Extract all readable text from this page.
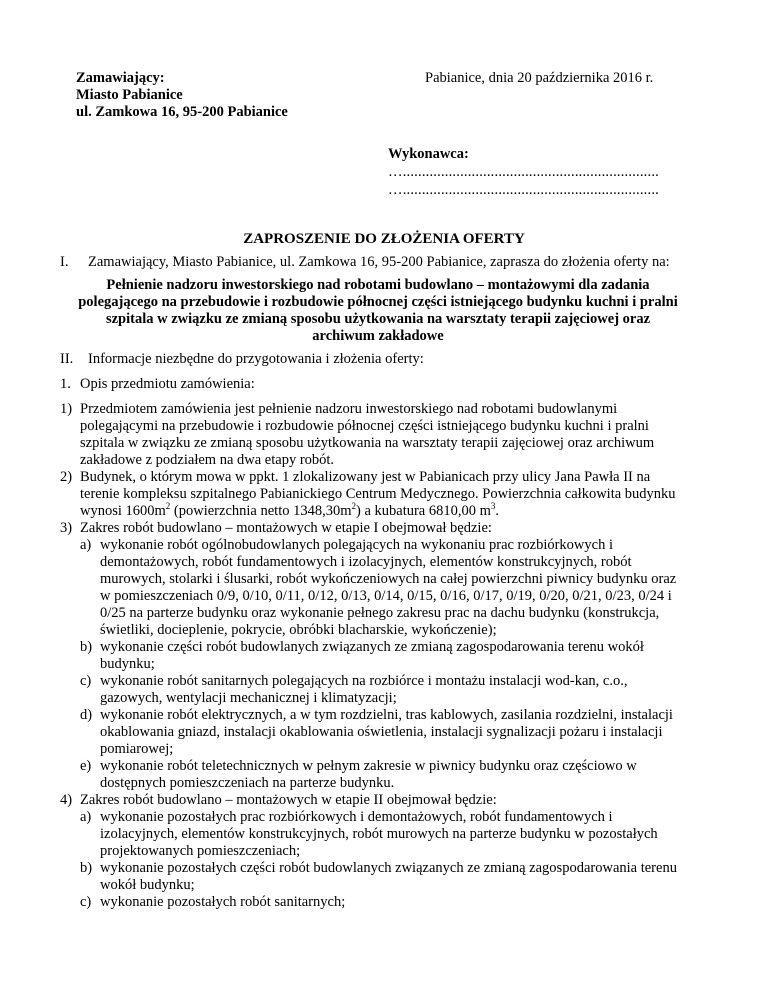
Zamawiający:
Miasto Pabianice
ul. Zamkowa 16, 95-200 Pabianice
Pabianice, dnia 20 października 2016 r.
Wykonawca:
…...................................................................
…...................................................................
ZAPROSZENIE DO ZŁOŻENIA OFERTY
I.	Zamawiający, Miasto Pabianice, ul. Zamkowa 16, 95-200 Pabianice, zaprasza do złożenia oferty na:
Pełnienie nadzoru inwestorskiego nad robotami budowlano – montażowymi dla zadania polegającego na przebudowie i rozbudowie północnej części istniejącego budynku kuchni i pralni szpitala w związku ze zmianą sposobu użytkowania na warsztaty terapii zajęciowej oraz archiwum zakładowe
II.	Informacje niezbędne do przygotowania i złożenia oferty:
1. Opis przedmiotu zamówienia:
1) Przedmiotem zamówienia jest pełnienie nadzoru inwestorskiego nad robotami budowlanymi polegającymi na przebudowie i rozbudowie północnej części istniejącego budynku kuchni i pralni szpitala w związku ze zmianą sposobu użytkowania na warsztaty terapii zajęciowej oraz archiwum zakładowe z podziałem na dwa etapy robót.
2) Budynek, o którym mowa w ppkt. 1 zlokalizowany jest w Pabianicach przy ulicy Jana Pawła II na terenie kompleksu szpitalnego Pabianickiego Centrum Medycznego. Powierzchnia całkowita budynku wynosi $1600m^2$ (powierzchnia netto $1348,30m^2$) a kubatura 6810,00 $m^3$.
3) Zakres robót budowlano – montażowych w etapie I obejmował będzie:
a) wykonanie robót ogólnobudowlanych polegających na wykonaniu prac rozbiórkowych i demontażowych, robót fundamentowych i izolacyjnych, elementów konstrukcyjnych, robót murowych, stolarki i ślusarki, robót wykończeniowych na całej powierzchni piwnicy budynku oraz w pomieszczeniach 0/9, 0/10, 0/11, 0/12, 0/13, 0/14, 0/15, 0/16, 0/17, 0/19, 0/20, 0/21, 0/23, 0/24 i 0/25 na parterze budynku oraz wykonanie pełnego zakresu prac na dachu budynku (konstrukcja, świetliki, docieplenie, pokrycie, obróbki blacharskie, wykończenie);
b) wykonanie części robót budowlanych związanych ze zmianą zagospodarowania terenu wokół budynku;
c) wykonanie robót sanitarnych polegających na rozbiórce i montażu instalacji wod-kan, c.o., gazowych, wentylacji mechanicznej i klimatyzacji;
d) wykonanie robót elektrycznych, a w tym rozdzielni, tras kablowych, zasilania rozdzielni, instalacji okablowania gniazd, instalacji okablowania oświetlenia, instalacji sygnalizacji pożaru i instalacji pomiarowej;
e) wykonanie robót teletechnicznych w pełnym zakresie w piwnicy budynku oraz częściowo w dostępnych pomieszczeniach na parterze budynku.
4) Zakres robót budowlano – montażowych w etapie II obejmował będzie:
a) wykonanie pozostałych prac rozbiórkowych i demontażowych, robót fundamentowych i izolacyjnych, elementów konstrukcyjnych, robót murowych na parterze budynku w pozostałych projektowanych pomieszczeniach;
b) wykonanie pozostałych części robót budowlanych związanych ze zmianą zagospodarowania terenu wokół budynku;
c) wykonanie pozostałych robót sanitarnych;
